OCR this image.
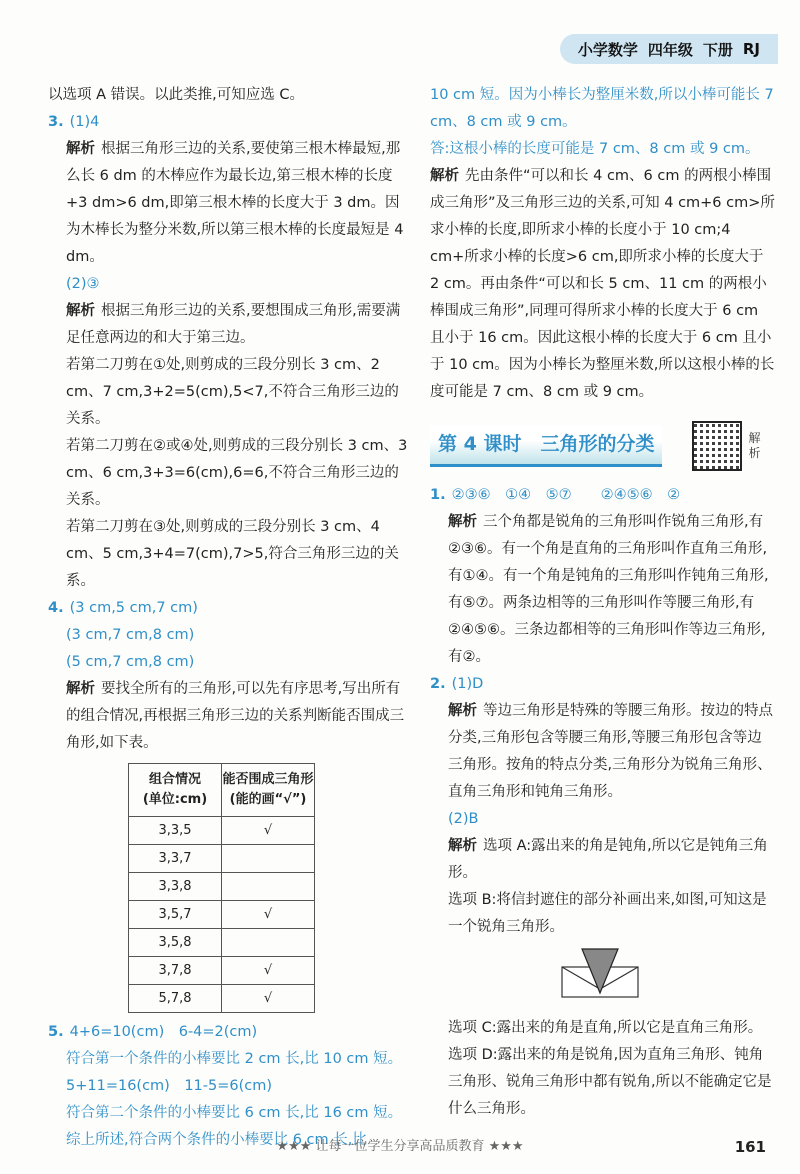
小学数学 四年级 下册 RJ

以选项 A 错误。以此类推,可知应选 C。

3. (1)4

解析 根据三角形三边的关系,要使第三根木棒最短,那么长 6 dm 的木棒应作为最长边,第三根木棒的长度+3 dm>6 dm,即第三根木棒的长度大于 3 dm。因为木棒长为整分米数,所以第三根木棒的长度最短是 4 dm。

(2)③

解析 根据三角形三边的关系,要想围成三角形,需要满足任意两边的和大于第三边。

若第二刀剪在①处,则剪成的三段分别长 3 cm、2 cm、7 cm,3+2=5(cm),5<7,不符合三角形三边的关系。

若第二刀剪在②或④处,则剪成的三段分别长 3 cm、3 cm、6 cm,3+3=6(cm),6=6,不符合三角形三边的关系。

若第二刀剪在③处,则剪成的三段分别长 3 cm、4 cm、5 cm,3+4=7(cm),7>5,符合三角形三边的关系。

4. (3 cm,5 cm,7 cm)

(3 cm,7 cm,8 cm)

(5 cm,7 cm,8 cm)

解析 要找全所有的三角形,可以先有序思考,写出所有的组合情况,再根据三角形三边的关系判断能否围成三角形,如下表。

组合情况
(单位:cm)	能否围成三角形
(能的画“√”)
3,3,5	√
3,3,7	
3,3,8	
3,5,7	√
3,5,8	
3,7,8	√
5,7,8	√

5. 4+6=10(cm)　6-4=2(cm)

符合第一个条件的小棒要比 2 cm 长,比 10 cm 短。

5+11=16(cm)　11-5=6(cm)

符合第二个条件的小棒要比 6 cm 长,比 16 cm 短。

综上所述,符合两个条件的小棒要比 6 cm 长,比

10 cm 短。因为小棒长为整厘米数,所以小棒可能长 7 cm、8 cm 或 9 cm。

答:这根小棒的长度可能是 7 cm、8 cm 或 9 cm。

解析 先由条件“可以和长 4 cm、6 cm 的两根小棒围成三角形”及三角形三边的关系,可知 4 cm+6 cm>所求小棒的长度,即所求小棒的长度小于 10 cm;4 cm+所求小棒的长度>6 cm,即所求小棒的长度大于 2 cm。再由条件“可以和长 5 cm、11 cm 的两根小棒围成三角形”,同理可得所求小棒的长度大于 6 cm 且小于 16 cm。因此这根小棒的长度大于 6 cm 且小于 10 cm。因为小棒长为整厘米数,所以这根小棒的长度可能是 7 cm、8 cm 或 9 cm。

第 4 课时　三角形的分类	解
析

1. ②③⑥　①④　⑤⑦　　②④⑤⑥　②

解析 三个角都是锐角的三角形叫作锐角三角形,有②③⑥。有一个角是直角的三角形叫作直角三角形,有①④。有一个角是钝角的三角形叫作钝角三角形,有⑤⑦。两条边相等的三角形叫作等腰三角形,有②④⑤⑥。三条边都相等的三角形叫作等边三角形,有②。

2. (1)D

解析 等边三角形是特殊的等腰三角形。按边的特点分类,三角形包含等腰三角形,等腰三角形包含等边三角形。按角的特点分类,三角形分为锐角三角形、直角三角形和钝角三角形。

(2)B

解析 选项 A:露出来的角是钝角,所以它是钝角三角形。

选项 B:将信封遮住的部分补画出来,如图,可知这是一个锐角三角形。

选项 C:露出来的角是直角,所以它是直角三角形。

选项 D:露出来的角是锐角,因为直角三角形、钝角三角形、锐角三角形中都有锐角,所以不能确定它是什么三角形。

★★★ 让每一位学生分享高品质教育 ★★★	161
